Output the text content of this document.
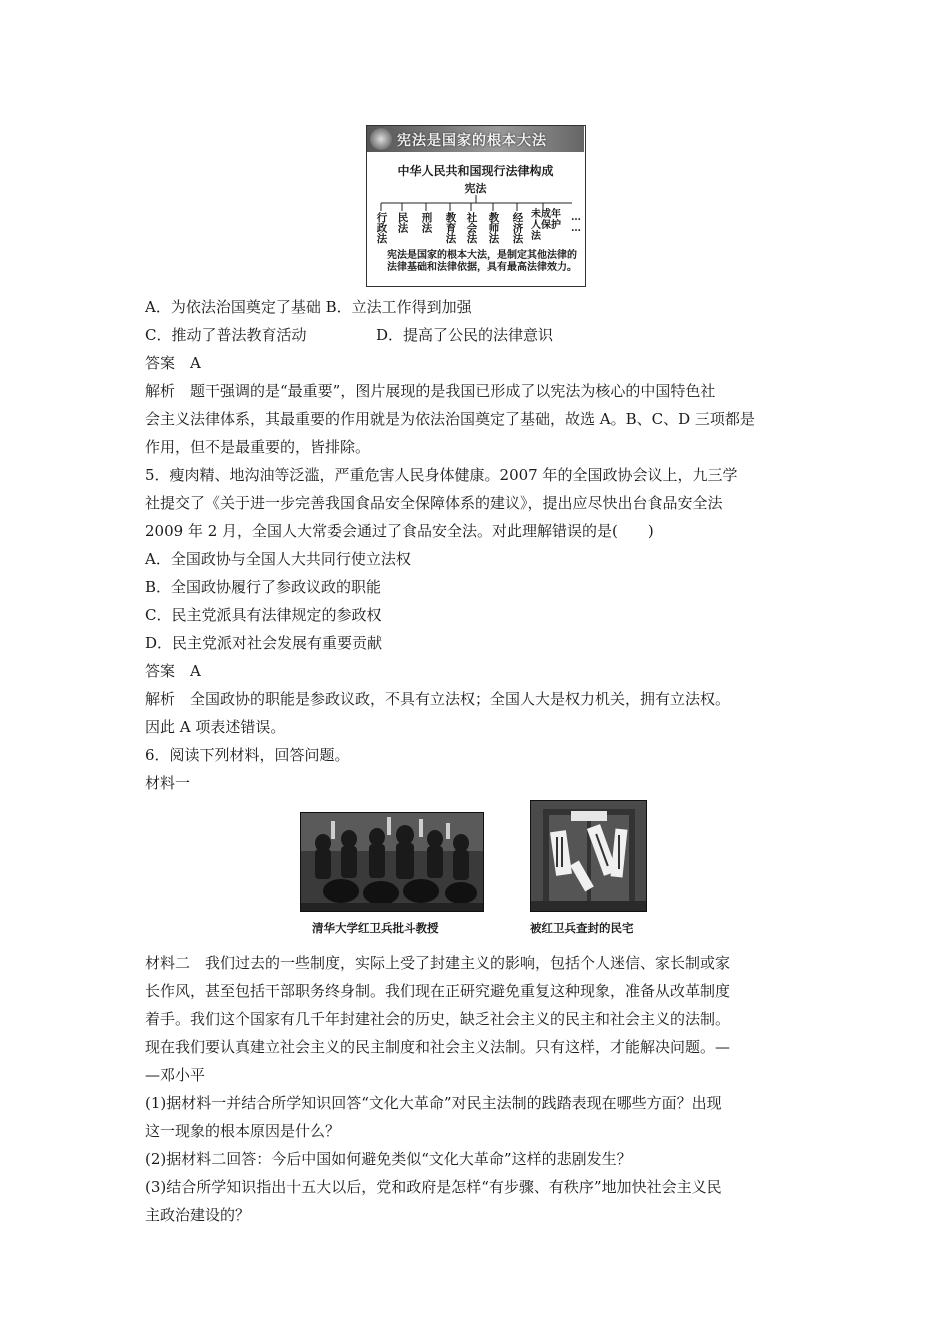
宪法是国家的根本大法
中华人民共和国现行法律构成
宪法
行政法 民法 刑法 教育法 社会法 教师法 经济法 未成年人保护法
……
宪法是国家的根本大法，是制定其他法律的法律基础和法律依据，具有最高法律效力。
A．为依法治国奠定了基础 B．立法工作得到加强
C．推动了普法教育活动	D．提高了公民的法律意识
答案　A
解析　题干强调的是“最重要”，图片展现的是我国已形成了以宪法为核心的中国特色社
会主义法律体系，其最重要的作用就是为依法治国奠定了基础，故选 A。B、C、D 三项都是
作用，但不是最重要的，皆排除。
5．瘦肉精、地沟油等泛滥，严重危害人民身体健康。2007 年的全国政协会议上，九三学
社提交了《关于进一步完善我国食品安全保障体系的建议》，提出应尽快出台食品安全法
2009 年 2 月，全国人大常委会通过了食品安全法。对此理解错误的是(　　)
A．全国政协与全国人大共同行使立法权
B．全国政协履行了参政议政的职能
C．民主党派具有法律规定的参政权
D．民主党派对社会发展有重要贡献
答案　A
解析　全国政协的职能是参政议政，不具有立法权；全国人大是权力机关，拥有立法权。
因此 A 项表述错误。
6．阅读下列材料，回答问题。
材料一
材料二　我们过去的一些制度，实际上受了封建主义的影响，包括个人迷信、家长制或家
长作风，甚至包括干部职务终身制。我们现在正研究避免重复这种现象，准备从改革制度
着手。我们这个国家有几千年封建社会的历史，缺乏社会主义的民主和社会主义的法制。
现在我们要认真建立社会主义的民主制度和社会主义法制。只有这样，才能解决问题。—
—邓小平
(1)据材料一并结合所学知识回答“文化大革命”对民主法制的践踏表现在哪些方面？出现
这一现象的根本原因是什么？
(2)据材料二回答：今后中国如何避免类似“文化大革命”这样的悲剧发生？
(3)结合所学知识指出十五大以后，党和政府是怎样“有步骤、有秩序”地加快社会主义民
主政治建设的？
清华大学红卫兵批斗教授	被红卫兵查封的民宅
